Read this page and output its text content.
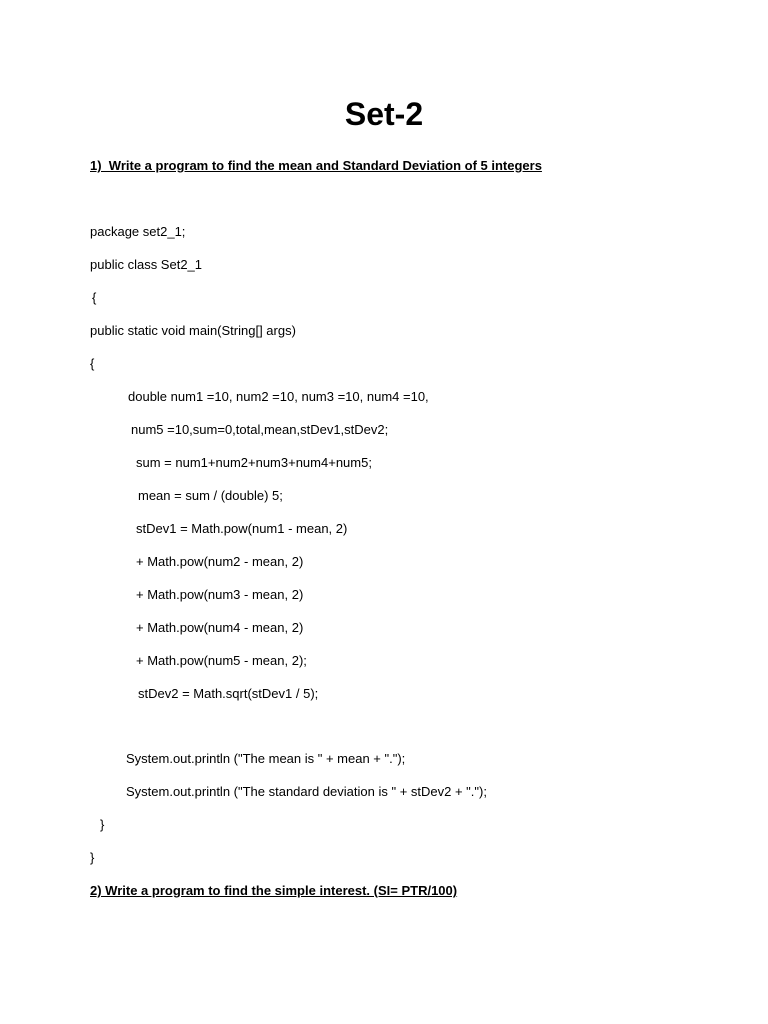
Set-2
1)  Write a program to find the mean and Standard Deviation of 5 integers
package set2_1;
public class Set2_1
{
public static void main(String[] args)
{
double num1 =10, num2 =10, num3 =10, num4 =10,
num5 =10,sum=0,total,mean,stDev1,stDev2;
sum = num1+num2+num3+num4+num5;
mean = sum / (double) 5;
stDev1 = Math.pow(num1 - mean, 2)
+ Math.pow(num2 - mean, 2)
+ Math.pow(num3 - mean, 2)
+ Math.pow(num4 - mean, 2)
+ Math.pow(num5 - mean, 2);
stDev2 = Math.sqrt(stDev1 / 5);
System.out.println ("The mean is " + mean + ".");
System.out.println ("The standard deviation is " + stDev2 + ".");
}
}
2) Write a program to find the simple interest. (SI= PTR/100)
